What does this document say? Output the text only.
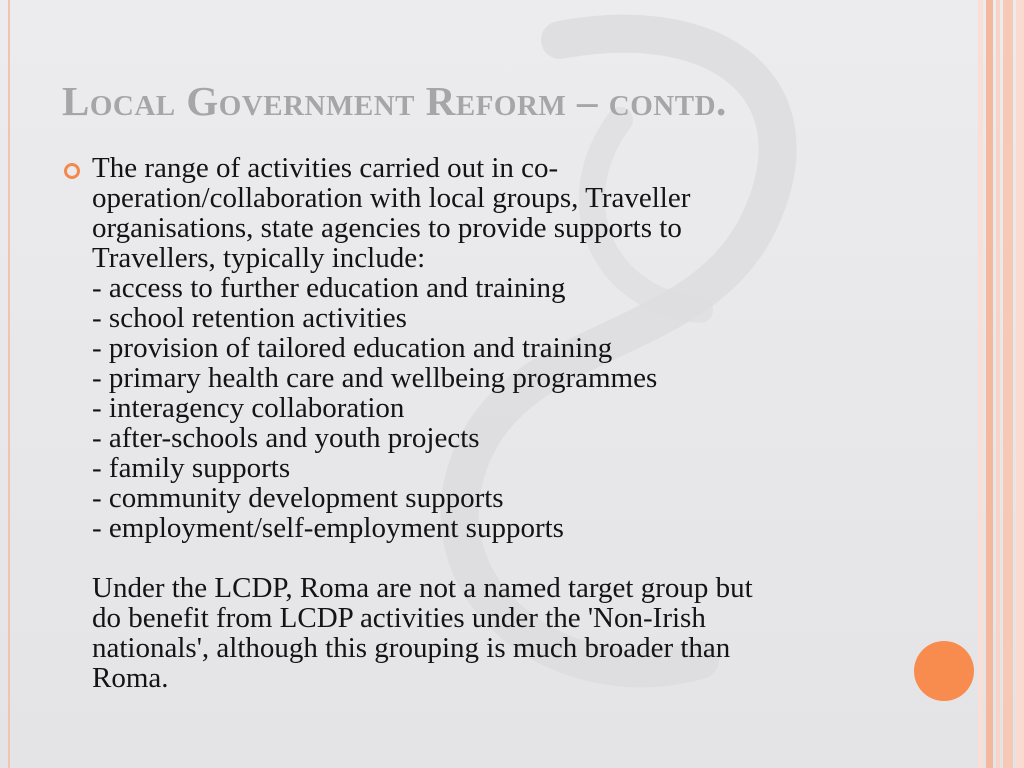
Local Government Reform – contd.
The range of activities carried out in co-
operation/collaboration with local groups, Traveller
organisations, state agencies to provide supports to
Travellers, typically include:
- access to further education and training
- school retention activities
- provision of tailored education and training
- primary health care and wellbeing programmes
- interagency collaboration
- after-schools and youth projects
- family supports
- community development supports
- employment/self-employment supports
Under the LCDP, Roma are not a named target group but
do benefit from LCDP activities under the 'Non-Irish
nationals', although this grouping is much broader than
Roma.
